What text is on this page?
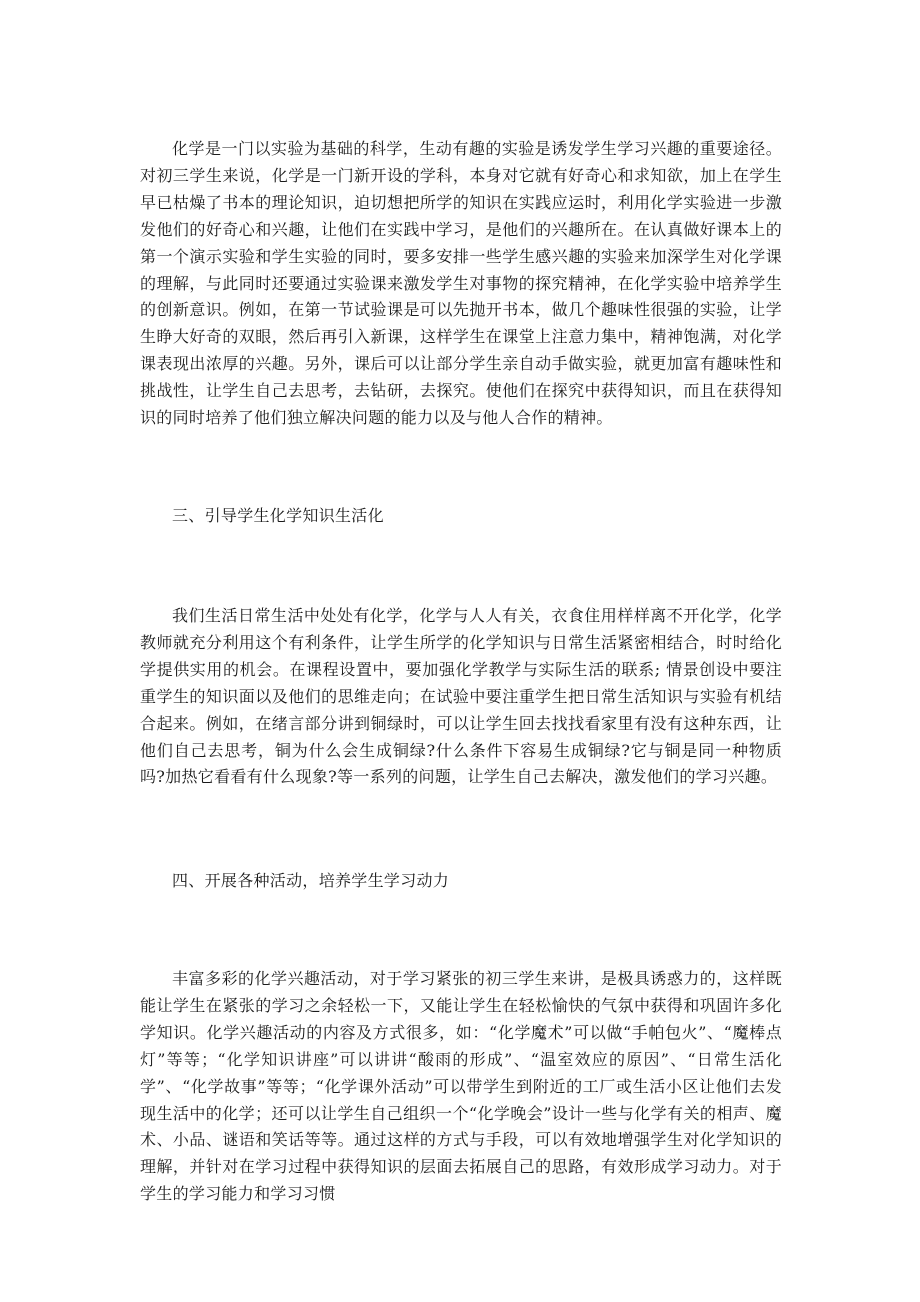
化学是一门以实验为基础的科学，生动有趣的实验是诱发学生学习兴趣的重要途径。对初三学生来说，化学是一门新开设的学科，本身对它就有好奇心和求知欲，加上在学生早已枯燥了书本的理论知识，迫切想把所学的知识在实践应运时，利用化学实验进一步激发他们的好奇心和兴趣，让他们在实践中学习，是他们的兴趣所在。在认真做好课本上的第一个演示实验和学生实验的同时，要多安排一些学生感兴趣的实验来加深学生对化学课的理解，与此同时还要通过实验课来激发学生对事物的探究精神，在化学实验中培养学生的创新意识。例如，在第一节试验课是可以先抛开书本，做几个趣味性很强的实验，让学生睁大好奇的双眼，然后再引入新课，这样学生在课堂上注意力集中，精神饱满，对化学课表现出浓厚的兴趣。另外，课后可以让部分学生亲自动手做实验，就更加富有趣味性和挑战性，让学生自己去思考，去钻研，去探究。使他们在探究中获得知识，而且在获得知识的同时培养了他们独立解决问题的能力以及与他人合作的精神。

三、引导学生化学知识生活化

我们生活日常生活中处处有化学，化学与人人有关，衣食住用样样离不开化学，化学教师就充分利用这个有利条件，让学生所学的化学知识与日常生活紧密相结合，时时给化学提供实用的机会。在课程设置中，要加强化学教学与实际生活的联系; 情景创设中要注重学生的知识面以及他们的思维走向；在试验中要注重学生把日常生活知识与实验有机结合起来。例如，在绪言部分讲到铜绿时，可以让学生回去找找看家里有没有这种东西，让他们自己去思考，铜为什么会生成铜绿?什么条件下容易生成铜绿?它与铜是同一种物质吗?加热它看看有什么现象?等一系列的问题，让学生自己去解决，激发他们的学习兴趣。

四、开展各种活动，培养学生学习动力

丰富多彩的化学兴趣活动，对于学习紧张的初三学生来讲，是极具诱惑力的，这样既能让学生在紧张的学习之余轻松一下，又能让学生在轻松愉快的气氛中获得和巩固许多化学知识。化学兴趣活动的内容及方式很多，如：“化学魔术”可以做“手帕包火”、“魔棒点灯”等等；“化学知识讲座”可以讲讲“酸雨的形成”、“温室效应的原因”、“日常生活化学”、“化学故事”等等；“化学课外活动”可以带学生到附近的工厂或生活小区让他们去发现生活中的化学；还可以让学生自己组织一个“化学晚会”设计一些与化学有关的相声、魔术、小品、谜语和笑话等等。通过这样的方式与手段，可以有效地增强学生对化学知识的理解，并针对在学习过程中获得知识的层面去拓展自己的思路，有效形成学习动力。对于学生的学习能力和学习习惯
